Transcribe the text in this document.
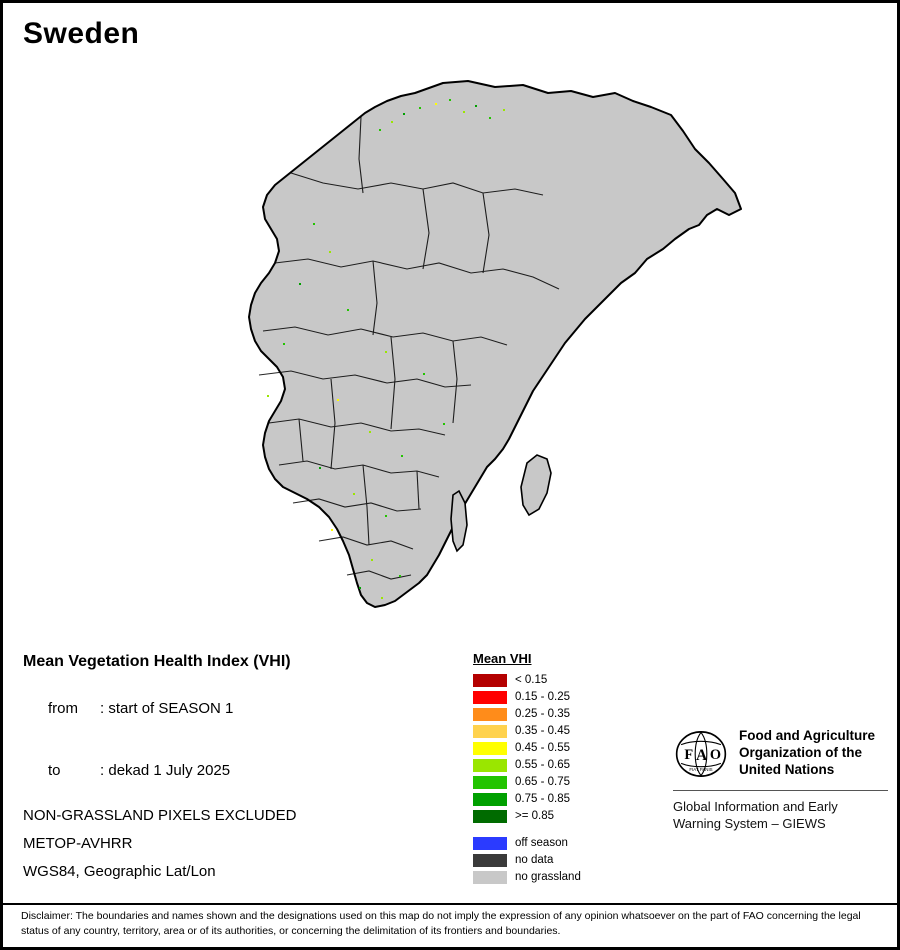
Sweden
Mean Vegetation Health Index (VHI)

from : start of SEASON 1

to	: dekad 1 July 2025

NON-GRASSLAND PIXELS EXCLUDED
METOP-AVHRR
WGS84, Geographic Lat/Lon
Mean VHI
< 0.15
0.15 - 0.25
0.25 - 0.35
0.35 - 0.45
0.45 - 0.55
0.55 - 0.65
0.65 - 0.75
0.75 - 0.85
>= 0.85
off season
no data
no grassland
F A O
FIAT PANIS
Food and Agriculture Organization of the United Nations
Global Information and Early Warning System – GIEWS
Disclaimer: The boundaries and names shown and the designations used on this map do not imply the expression of any opinion whatsoever on the part of FAO concerning the legal status of any country, territory, area or of its authorities, or concerning the delimitation of its frontiers and boundaries.
